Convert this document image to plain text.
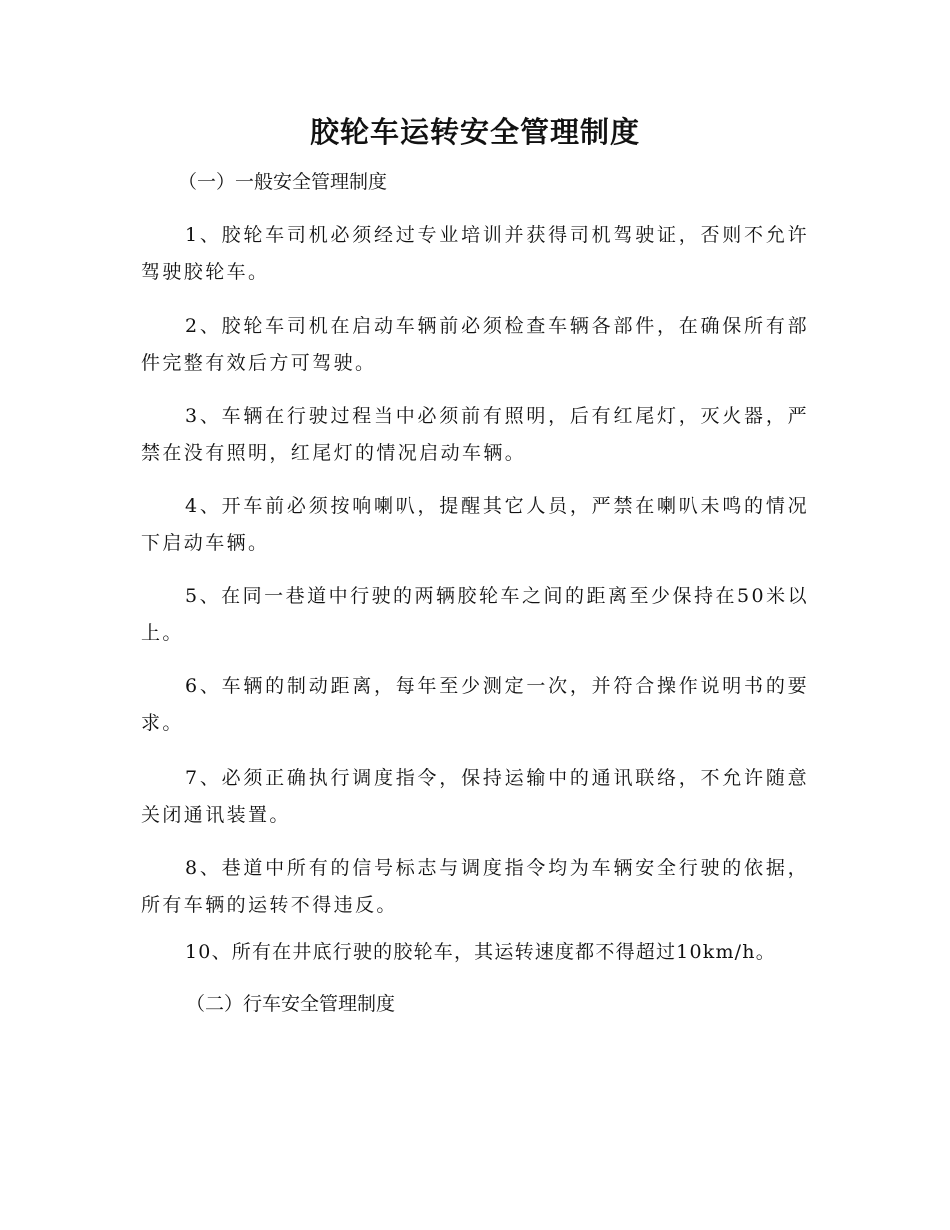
胶轮车运转安全管理制度
（一）一般安全管理制度
1、胶轮车司机必须经过专业培训并获得司机驾驶证，否则不允许驾驶胶轮车。
2、胶轮车司机在启动车辆前必须检查车辆各部件，在确保所有部件完整有效后方可驾驶。
3、车辆在行驶过程当中必须前有照明，后有红尾灯，灭火器，严禁在没有照明，红尾灯的情况启动车辆。
4、开车前必须按响喇叭，提醒其它人员，严禁在喇叭未鸣的情况下启动车辆。
5、在同一巷道中行驶的两辆胶轮车之间的距离至少保持在50米以上。
6、车辆的制动距离，每年至少测定一次，并符合操作说明书的要求。
7、必须正确执行调度指令，保持运输中的通讯联络，不允许随意关闭通讯装置。
8、巷道中所有的信号标志与调度指令均为车辆安全行驶的依据，所有车辆的运转不得违反。
10、所有在井底行驶的胶轮车，其运转速度都不得超过10km/h。
（二）行车安全管理制度
